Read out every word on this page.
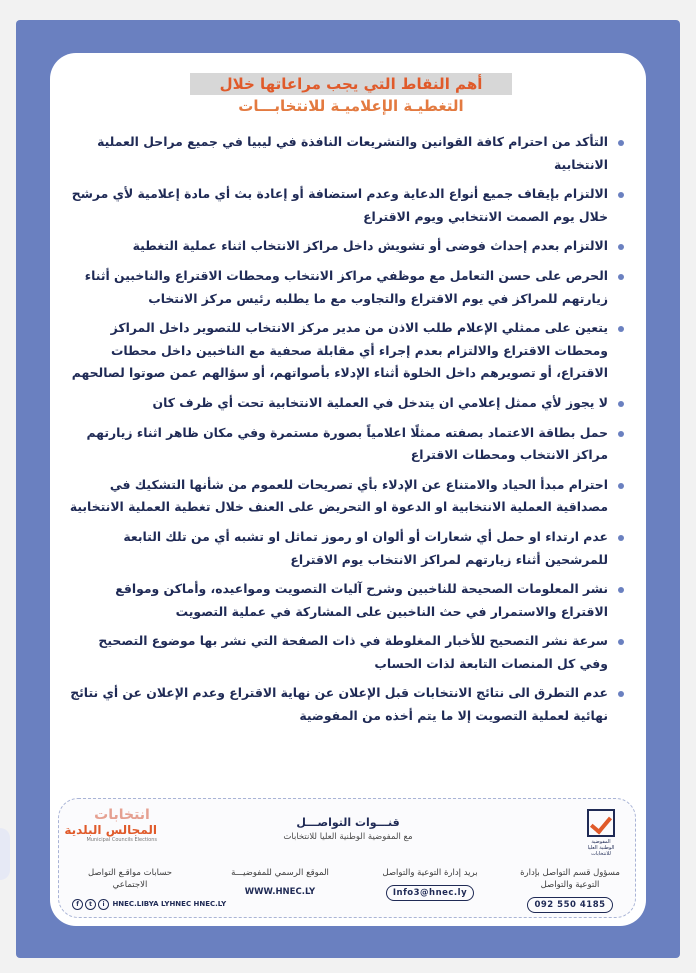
أهم النقاط التي يجب مراعاتها خلال
التغطيـة الإعلاميـة للانتخابـــات
التأكد من احترام كافة القوانين والتشريعات النافذة في ليبيا في جميع مراحل العملية الانتخابية
الالتزام بإيقاف جميع أنواع الدعاية وعدم استضافة أو إعادة بث أي مادة إعلامية لأي مرشح خلال يوم الصمت الانتخابي ويوم الاقتراع
الالتزام بعدم إحداث فوضى أو تشويش داخل مراكز الانتخاب اثناء عملية التغطية
الحرص على حسن التعامل مع موظفي مراكز الانتخاب ومحطات الاقتراع والناخبين أثناء زيارتهم للمراكز في يوم الاقتراع والتجاوب مع ما يطلبه رئيس مركز الانتخاب
يتعين على ممثلي الإعلام طلب الاذن من مدير مركز الانتخاب للتصوير داخل المراكز ومحطات الاقتراع والالتزام بعدم إجراء أي مقابلة صحفية مع الناخبين داخل محطات الاقتراع، أو تصويرهم داخل الخلوة أثناء الإدلاء بأصواتهم، أو سؤالهم عمن صوتوا لصالحهم
لا يجوز لأي ممثل إعلامي ان يتدخل في العملية الانتخابية تحت أي ظرف كان
حمل بطاقة الاعتماد بصفته ممثلًا اعلامياً بصورة مستمرة وفي مكان ظاهر اثناء زيارتهم مراكز الانتخاب ومحطات الاقتراع
احترام مبدأ الحياد والامتناع عن الإدلاء بأي تصريحات للعموم من شأنها التشكيك في مصداقية العملية الانتخابية او الدعوة او التحريض على العنف خلال تغطية العملية الانتخابية
عدم ارتداء او حمل أي شعارات أو ألوان او رموز تماثل او تشبه أي من تلك التابعة للمرشحين أثناء زيارتهم لمراكز الانتخاب يوم الاقتراع
نشر المعلومات الصحيحة للناخبين وشرح آليات التصويت ومواعيده، وأماكن ومواقع الاقتراع والاستمرار في حث الناخبين على المشاركة في عملية التصويت
سرعة نشر التصحيح للأخبار المغلوطة في ذات الصفحة التي نشر بها موضوع التصحيح وفي كل المنصات التابعة لذات الحساب
عدم التطرق الى نتائج الانتخابات قبل الإعلان عن نهاية الاقتراع وعدم الإعلان عن أي نتائج نهائية لعملية التصويت إلا ما يتم أخذه من المفوضية
المفوضية الوطنية العليا للانتخابات
قنـــوات التواصـــل
مع المفوضية الوطنية العليا للانتخابات
انتخابات
المجالس البلدية
Municipal Councils Elections
مسؤول قسم التواصل بإدارة التوعية والتواصل
092 550 4185
بريد إدارة التوعية والتواصل
Info3@hnec.ly
الموقع الرسمي للمفوضيـــة
WWW.HNEC.LY
حسابات مواقـع التواصل الاجتماعي
f t i HNEC.LIBYA LYHNEC HNEC.LY
